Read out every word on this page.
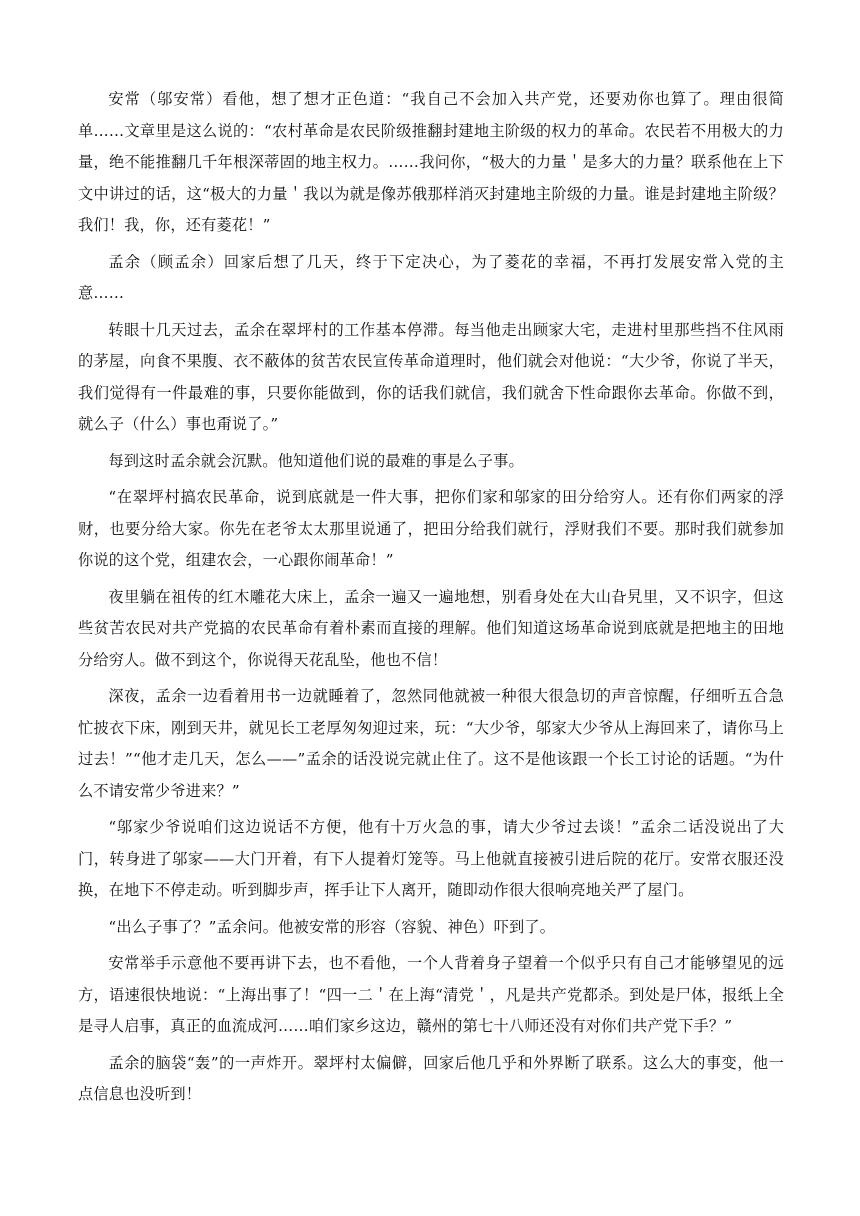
安常（邬安常）看他，想了想才正色道：“我自己不会加入共产党，还要劝你也算了。理由很简单……文章里是这么说的：“农村革命是农民阶级推翻封建地主阶级的权力的革命。农民若不用极大的力量，绝不能推翻几千年根深蒂固的地主权力。……我问你，“极大的力量＇是多大的力量？联系他在上下文中讲过的话，这“极大的力量＇我以为就是像苏俄那样消灭封建地主阶级的力量。谁是封建地主阶级？我们！我，你，还有菱花！”

孟余（顾孟余）回家后想了几天，终于下定决心，为了菱花的幸福，不再打发展安常入党的主意……

转眼十几天过去，孟余在翠坪村的工作基本停滞。每当他走出顾家大宅，走进村里那些挡不住风雨的茅屋，向食不果腹、衣不蔽体的贫苦农民宣传革命道理时，他们就会对他说：“大少爷，你说了半天，我们觉得有一件最难的事，只要你能做到，你的话我们就信，我们就舍下性命跟你去革命。你做不到，就么子（什么）事也甭说了。”

每到这时孟余就会沉默。他知道他们说的最难的事是么子事。

“在翠坪村搞农民革命，说到底就是一件大事，把你们家和邬家的田分给穷人。还有你们两家的浮财，也要分给大家。你先在老爷太太那里说通了，把田分给我们就行，浮财我们不要。那时我们就参加你说的这个党，组建农会，一心跟你闹革命！”

夜里躺在祖传的红木雕花大床上，孟余一遍又一遍地想，别看身处在大山旮旯里，又不识字，但这些贫苦农民对共产党搞的农民革命有着朴素而直接的理解。他们知道这场革命说到底就是把地主的田地分给穷人。做不到这个，你说得天花乱坠，他也不信！

深夜，孟余一边看着用书一边就睡着了，忽然同他就被一种很大很急切的声音惊醒，仔细听五合急忙披衣下床，刚到天井，就见长工老厚匆匆迎过来，玩：“大少爷，邬家大少爷从上海回来了，请你马上过去！”“他才走几天，怎么——”孟余的话没说完就止住了。这不是他该跟一个长工讨论的话题。“为什么不请安常少爷进来？”

“邬家少爷说咱们这边说话不方便，他有十万火急的事，请大少爷过去谈！”孟余二话没说出了大门，转身进了邬家——大门开着，有下人提着灯笼等。马上他就直接被引进后院的花厅。安常衣服还没换，在地下不停走动。听到脚步声，挥手让下人离开，随即动作很大很响亮地关严了屋门。

“出么子事了？”孟余问。他被安常的形容（容貌、神色）吓到了。

安常举手示意他不要再讲下去，也不看他，一个人背着身子望着一个似乎只有自己才能够望见的远方，语速很快地说：“上海出事了！“四一二＇在上海“清党＇，凡是共产党都杀。到处是尸体，报纸上全是寻人启事，真正的血流成河……咱们家乡这边，赣州的第七十八师还没有对你们共产党下手？”

孟余的脑袋“轰”的一声炸开。翠坪村太偏僻，回家后他几乎和外界断了联系。这么大的事变，他一点信息也没听到！
